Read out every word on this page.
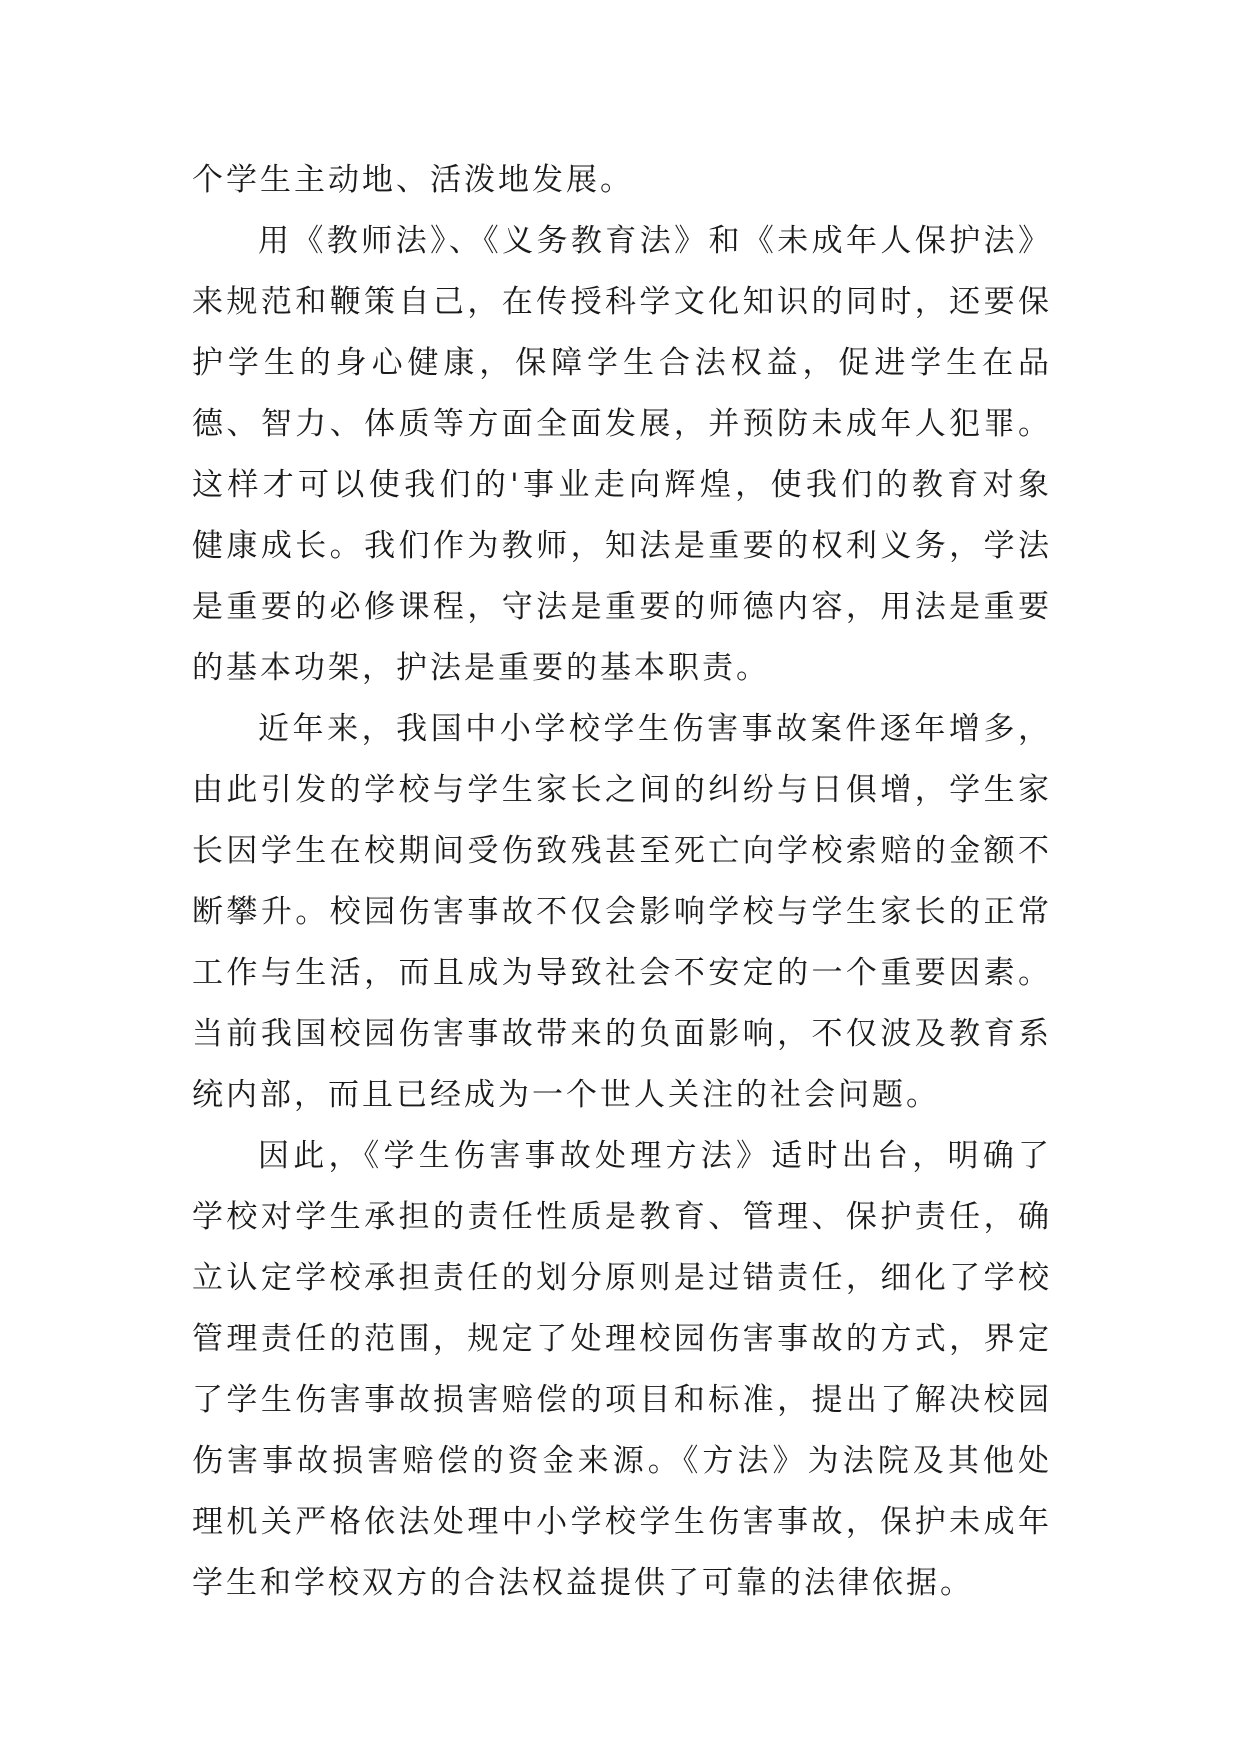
个学生主动地、活泼地发展。

用《教师法》、《义务教育法》和《未成年人保护法》来规范和鞭策自己，在传授科学文化知识的同时，还要保护学生的身心健康，保障学生合法权益，促进学生在品德、智力、体质等方面全面发展，并预防未成年人犯罪。这样才可以使我们的'事业走向辉煌，使我们的教育对象健康成长。我们作为教师，知法是重要的权利义务，学法是重要的必修课程，守法是重要的师德内容，用法是重要的基本功架，护法是重要的基本职责。

近年来，我国中小学校学生伤害事故案件逐年增多，由此引发的学校与学生家长之间的纠纷与日俱增，学生家长因学生在校期间受伤致残甚至死亡向学校索赔的金额不断攀升。校园伤害事故不仅会影响学校与学生家长的正常工作与生活，而且成为导致社会不安定的一个重要因素。当前我国校园伤害事故带来的负面影响，不仅波及教育系统内部，而且已经成为一个世人关注的社会问题。

因此，《学生伤害事故处理方法》适时出台，明确了学校对学生承担的责任性质是教育、管理、保护责任，确立认定学校承担责任的划分原则是过错责任，细化了学校管理责任的范围，规定了处理校园伤害事故的方式，界定了学生伤害事故损害赔偿的项目和标准，提出了解决校园伤害事故损害赔偿的资金来源。《方法》为法院及其他处理机关严格依法处理中小学校学生伤害事故，保护未成年学生和学校双方的合法权益提供了可靠的法律依据。
